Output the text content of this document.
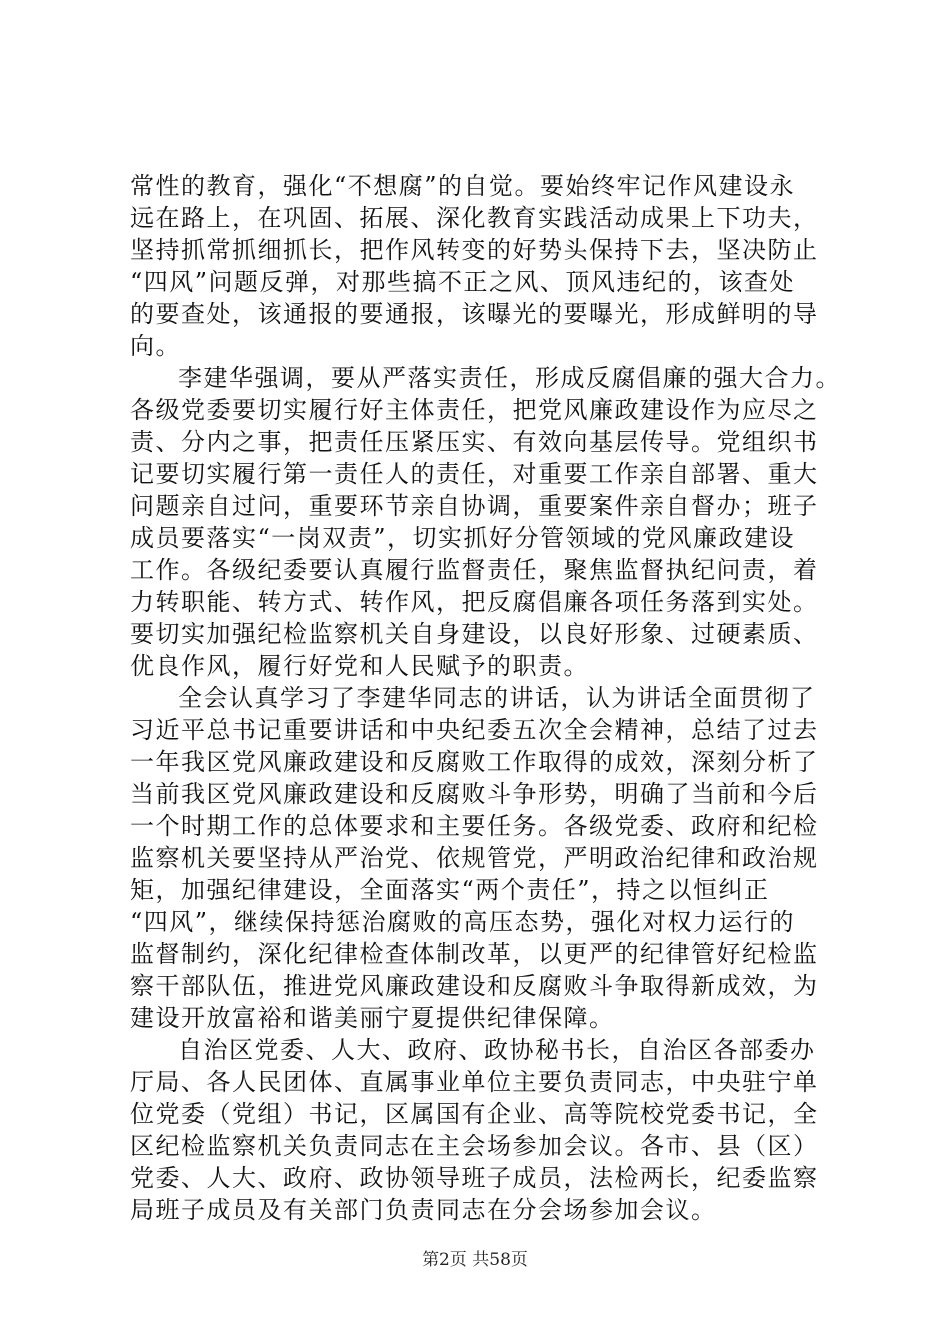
常性的教育，强化“不想腐”的自觉。要始终牢记作风建设永
远在路上，在巩固、拓展、深化教育实践活动成果上下功夫，
坚持抓常抓细抓长，把作风转变的好势头保持下去，坚决防止
“四风”问题反弹，对那些搞不正之风、顶风违纪的，该查处
的要查处，该通报的要通报，该曝光的要曝光，形成鲜明的导
向。
李建华强调，要从严落实责任，形成反腐倡廉的强大合力。
各级党委要切实履行好主体责任，把党风廉政建设作为应尽之
责、分内之事，把责任压紧压实、有效向基层传导。党组织书
记要切实履行第一责任人的责任，对重要工作亲自部署、重大
问题亲自过问，重要环节亲自协调，重要案件亲自督办；班子
成员要落实“一岗双责”，切实抓好分管领域的党风廉政建设
工作。各级纪委要认真履行监督责任，聚焦监督执纪问责，着
力转职能、转方式、转作风，把反腐倡廉各项任务落到实处。
要切实加强纪检监察机关自身建设，以良好形象、过硬素质、
优良作风，履行好党和人民赋予的职责。
全会认真学习了李建华同志的讲话，认为讲话全面贯彻了
习近平总书记重要讲话和中央纪委五次全会精神，总结了过去
一年我区党风廉政建设和反腐败工作取得的成效，深刻分析了
当前我区党风廉政建设和反腐败斗争形势，明确了当前和今后
一个时期工作的总体要求和主要任务。各级党委、政府和纪检
监察机关要坚持从严治党、依规管党，严明政治纪律和政治规
矩，加强纪律建设，全面落实“两个责任”，持之以恒纠正
“四风”，继续保持惩治腐败的高压态势，强化对权力运行的
监督制约，深化纪律检查体制改革，以更严的纪律管好纪检监
察干部队伍，推进党风廉政建设和反腐败斗争取得新成效，为
建设开放富裕和谐美丽宁夏提供纪律保障。
自治区党委、人大、政府、政协秘书长，自治区各部委办
厅局、各人民团体、直属事业单位主要负责同志，中央驻宁单
位党委（党组）书记，区属国有企业、高等院校党委书记，全
区纪检监察机关负责同志在主会场参加会议。各市、县（区）
党委、人大、政府、政协领导班子成员，法检两长，纪委监察
局班子成员及有关部门负责同志在分会场参加会议。
第2页 共58页
